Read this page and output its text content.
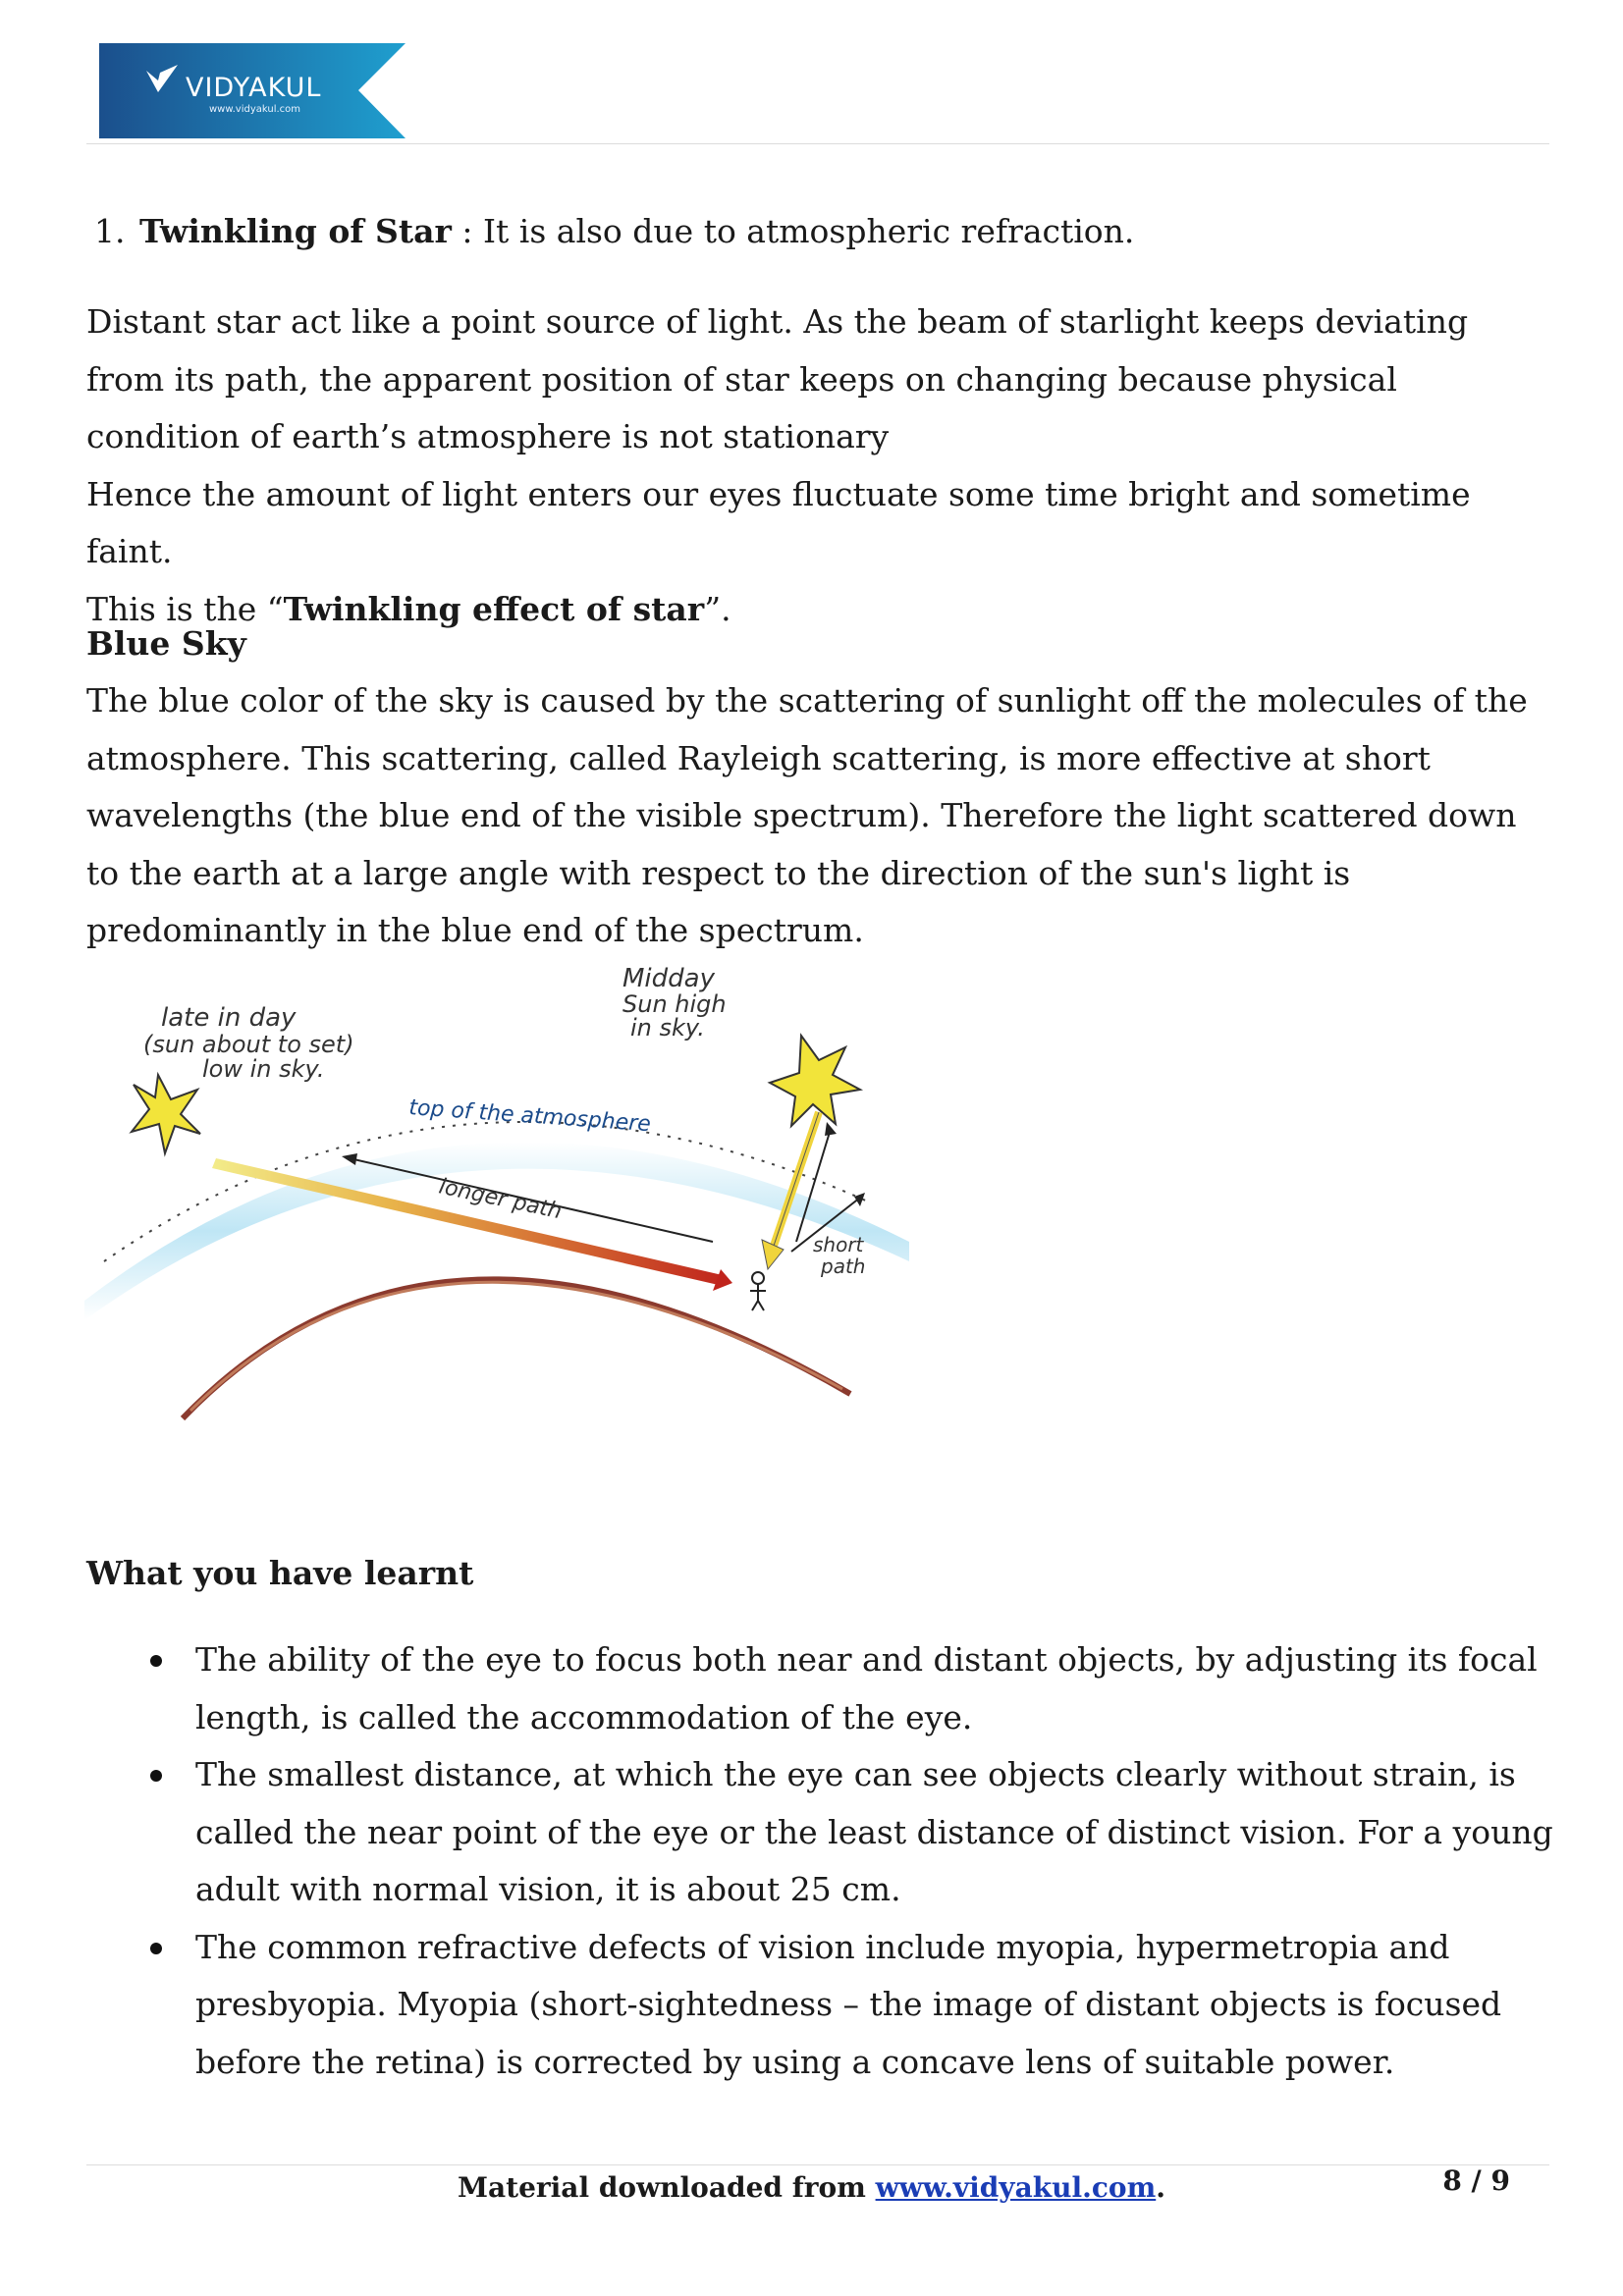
VIDYAKUL
www.vidyakul.com
1. Twinkling of Star : It is also due to atmospheric refraction.

Distant star act like a point source of light. As the beam of starlight keeps deviating from its path, the apparent position of star keeps on changing because physical condition of earth’s atmosphere is not stationary

Hence the amount of light enters our eyes fluctuate some time bright and sometime faint.

This is the “Twinkling effect of star”.

Blue Sky

The blue color of the sky is caused by the scattering of sunlight off the molecules of the atmosphere. This scattering, called Rayleigh scattering, is more effective at short wavelengths (the blue end of the visible spectrum). Therefore the light scattered down to the earth at a large angle with respect to the direction of the sun's light is predominantly in the blue end of the spectrum.

late in day
(sun about to set)
low in sky.
Midday
Sun high
in sky.
top of the atmosphere
longer path
short
path
What you have learnt
The ability of the eye to focus both near and distant objects, by adjusting its focal length, is called the accommodation of the eye.
The smallest distance, at which the eye can see objects clearly without strain, is called the near point of the eye or the least distance of distinct vision. For a young adult with normal vision, it is about 25 cm.
The common refractive defects of vision include myopia, hypermetropia and presbyopia. Myopia (short-sightedness – the image of distant objects is focused before the retina) is corrected by using a concave lens of suitable power.
Material downloaded from www.vidyakul.com.	8 / 9
